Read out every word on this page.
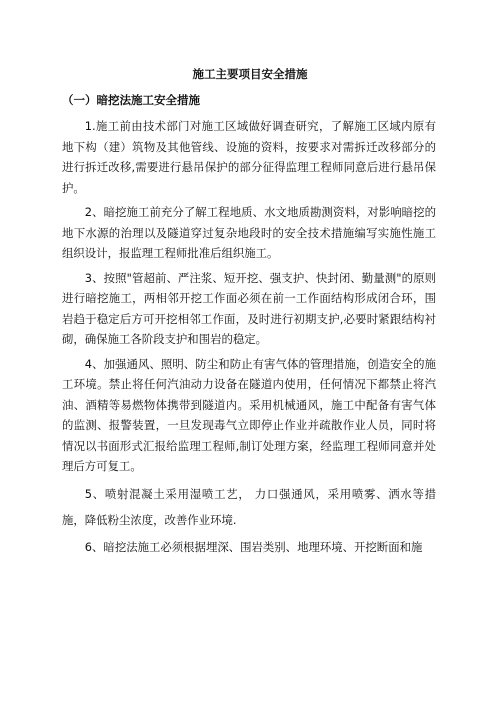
施工主要项目安全措施
（一）暗挖法施工安全措施

1.施工前由技术部门对施工区域做好调查研究，了解施工区域内原有地下构（建）筑物及其他管线、设施的资料，按要求对需拆迁改移部分的进行拆迁改移,需要进行悬吊保护的部分征得监理工程师同意后进行悬吊保护。

2、暗挖施工前充分了解工程地质、水文地质勘测资料，对影响暗挖的地下水源的治理以及隧道穿过复杂地段时的安全技术措施编写实施性施工组织设计，报监理工程师批准后组织施工。

3、按照"管超前、严注浆、短开挖、强支护、快封闭、勤量测"的原则进行暗挖施工，两相邻开挖工作面必须在前一工作面结构形成闭合环，围岩趋于稳定后方可开挖相邻工作面，及时进行初期支护,必要时紧跟结构衬砌，确保施工各阶段支护和围岩的稳定。

4、加强通风、照明、防尘和防止有害气体的管理措施，创造安全的施工环境。禁止将任何汽油动力设备在隧道内使用，任何情况下都禁止将汽油、酒精等易燃物体携带到隧道内。采用机械通风，施工中配备有害气体的监测、报警装置，一旦发现毒气立即停止作业并疏散作业人员，同时将情况以书面形式汇报给监理工程师,制订处理方案，经监理工程师同意并处理后方可复工。

5、喷射混凝土采用湿喷工艺， 力口强通风，采用喷雾、洒水等措施，降低粉尘浓度，改善作业环境.

6、暗挖法施工必须根据埋深、围岩类别、地理环境、开挖断面和施
